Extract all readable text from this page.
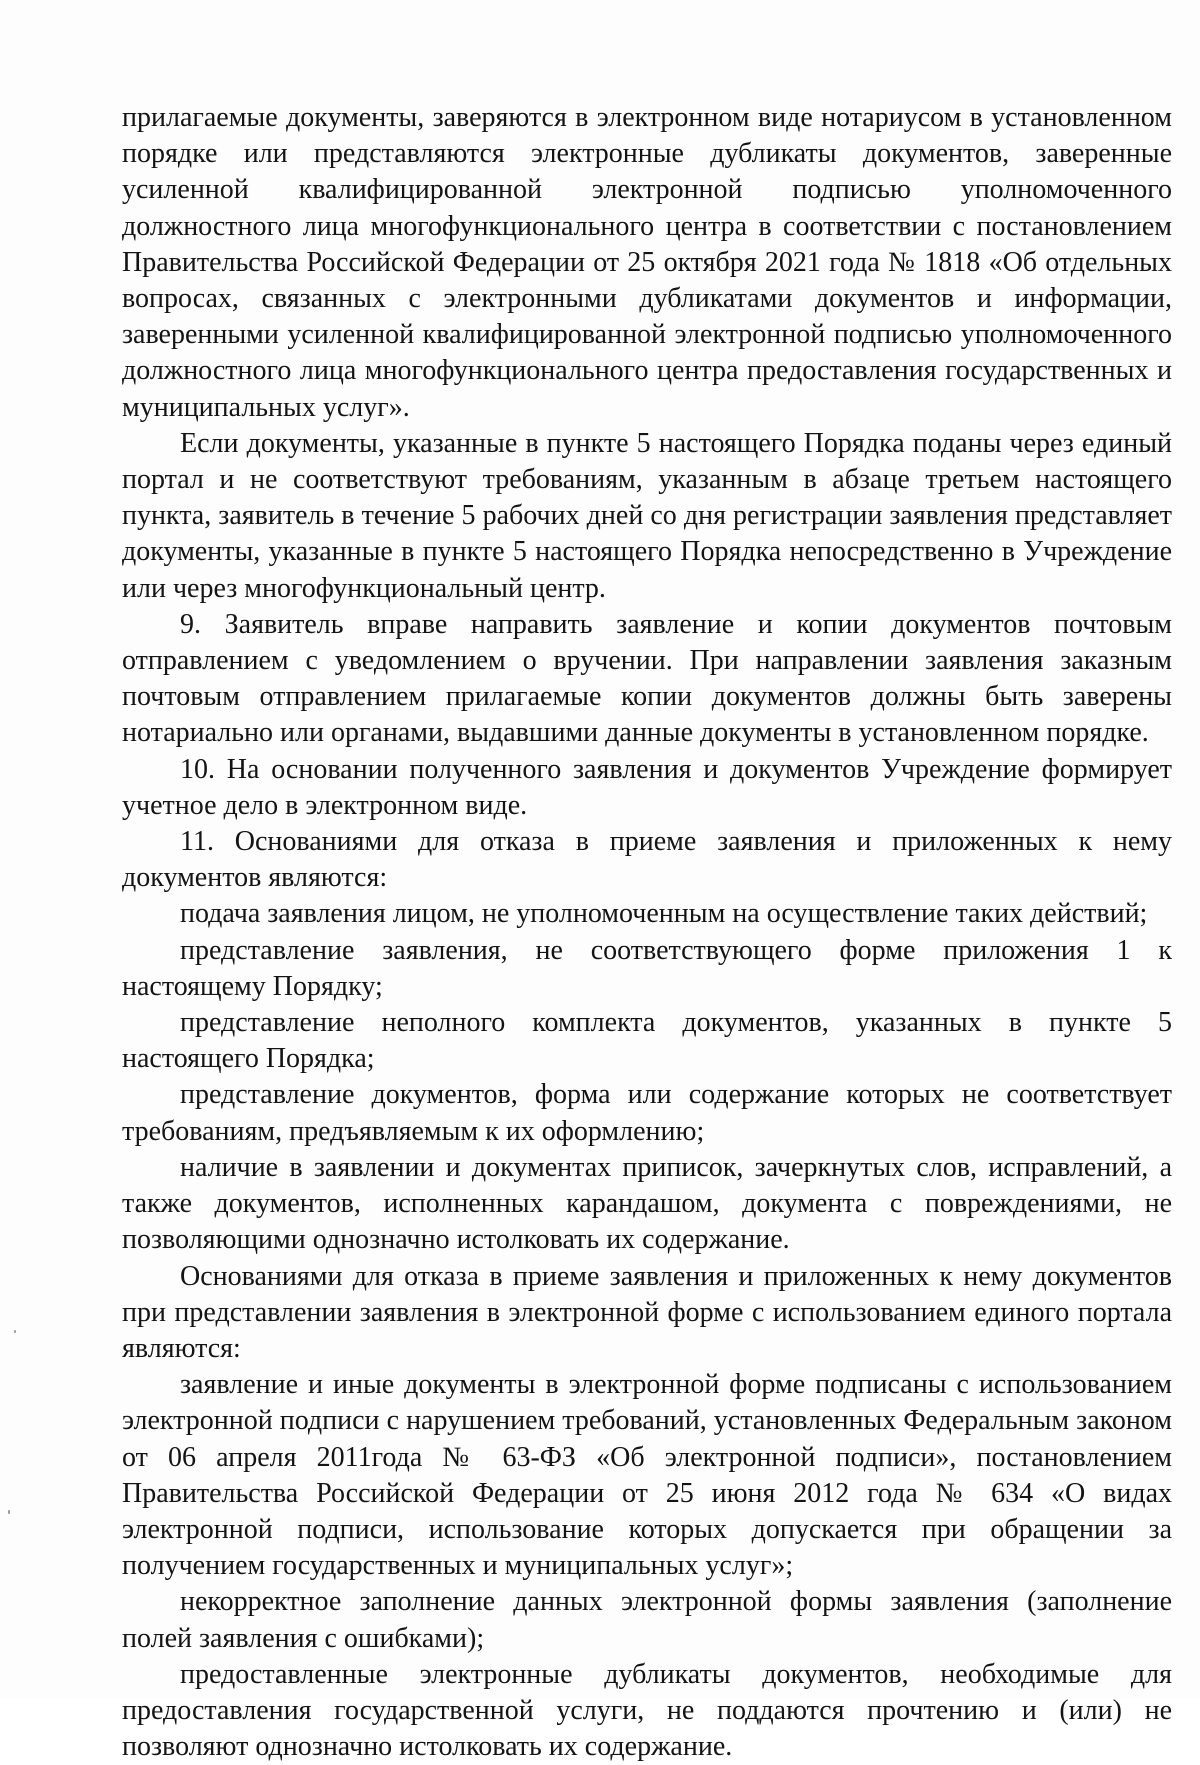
прилагаемые документы, заверяются в электронном виде нотариусом в установленном порядке или представляются электронные дубликаты документов, заверенные усиленной квалифицированной электронной подписью уполномоченного должностного лица многофункционального центра в соответствии с постановлением Правительства Российской Федерации от 25 октября 2021 года № 1818 «Об отдельных вопросах, связанных с электронными дубликатами документов и информации, заверенными усиленной квалифицированной электронной подписью уполномоченного должностного лица многофункционального центра предоставления государственных и муниципальных услуг».

Если документы, указанные в пункте 5 настоящего Порядка поданы через единый портал и не соответствуют требованиям, указанным в абзаце третьем настоящего пункта, заявитель в течение 5 рабочих дней со дня регистрации заявления представляет документы, указанные в пункте 5 настоящего Порядка непосредственно в Учреждение или через многофункциональный центр.

9. Заявитель вправе направить заявление и копии документов почтовым отправлением с уведомлением о вручении. При направлении заявления заказным почтовым отправлением прилагаемые копии документов должны быть заверены нотариально или органами, выдавшими данные документы в установленном порядке.

10. На основании полученного заявления и документов Учреждение формирует учетное дело в электронном виде.

11. Основаниями для отказа в приеме заявления и приложенных к нему документов являются:

подача заявления лицом, не уполномоченным на осуществление таких действий;

представление заявления, не соответствующего форме приложения 1 к настоящему Порядку;

представление неполного комплекта документов, указанных в пункте 5 настоящего Порядка;

представление документов, форма или содержание которых не соответствует требованиям, предъявляемым к их оформлению;

наличие в заявлении и документах приписок, зачеркнутых слов, исправлений, а также документов, исполненных карандашом, документа с повреждениями, не позволяющими однозначно истолковать их содержание.

Основаниями для отказа в приеме заявления и приложенных к нему документов при представлении заявления в электронной форме с использованием единого портала являются:

заявление и иные документы в электронной форме подписаны с использованием электронной подписи с нарушением требований, установленных Федеральным законом от 06 апреля 2011года № 63-ФЗ «Об электронной подписи», постановлением Правительства Российской Федерации от 25 июня 2012 года № 634 «О видах электронной подписи, использование которых допускается при обращении за получением государственных и муниципальных услуг»;

некорректное заполнение данных электронной формы заявления (заполнение полей заявления с ошибками);

предоставленные электронные дубликаты документов, необходимые для предоставления государственной услуги, не поддаются прочтению и (или) не позволяют однозначно истолковать их содержание.
